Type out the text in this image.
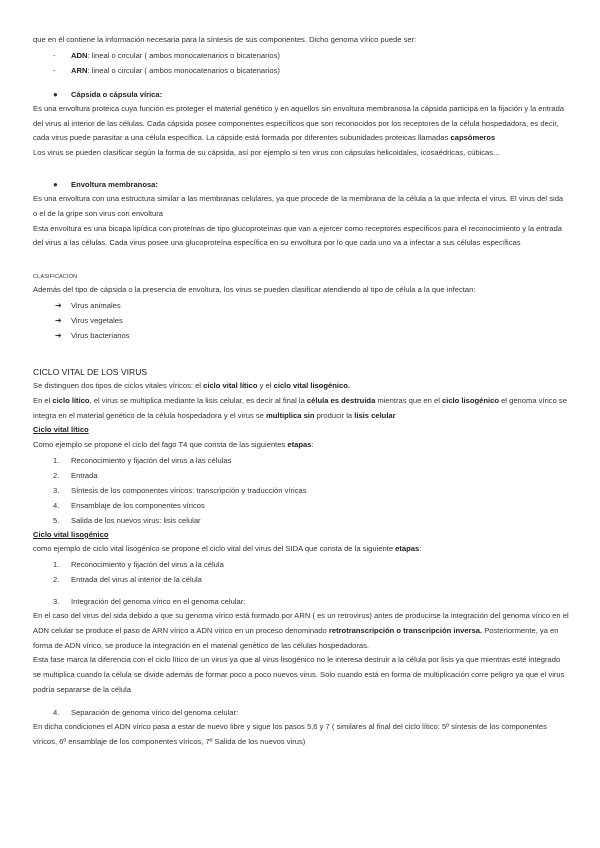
que en él contiene la información necesaria para la síntesis de sus componentes. Dicho genoma vírico puede ser:

- ADN: lineal o circular ( ambos monocatenarios o bicatenarios)
- ARN: lineal o circular ( ambos monocatenarios o bicatenarios)
● Cápsida o cápsula vírica:

Es una envoltura proteica cuya función es proteger el material genético y en aquellos sin envoltura membranosa la cápsida participa en la fijación y la entrada del virus al interior de las células. Cada cápsida posee componentes específicos que son reconocidos por los receptores de la célula hospedadora, es decir, cada virus puede parasitar a una célula específica. La cápside está formada por diferentes subunidades proteicas llamadas capsómeros

Los virus se pueden clasificar según la forma de su cápsida, así por ejemplo si ten virus con cápsulas helicoidales, icosaédricas, cúbicas...

● Envoltura membranosa:

Es una envoltura con una estructura similar a las membranas celulares, ya que procede de la membrana de la célula a la que infecta el virus. El virus del sida o el de la gripe son virus con envoltura

Esta envoltura es una bicapa lipídica con proteínas de tipo glucoproteínas que van a ejercer como receptores específicos para el reconocimiento y la entrada del virus a las células. Cada virus posee una glucoproteína específica en su envoltura por lo que cada uno va a infectar a sus células específicas

CLASIFICACIÓN

Además del tipo de cápsida o la presencia de envoltura, los virus se pueden clasificar atendiendo al tipo de célula a la que infectan:

➔ Virus animales
➔ Virus vegetales
➔ Virus bacterianos

CICLO VITAL DE LOS VIRUS

Se distinguen dos tipos de ciclos vitales víricos: el ciclo vital lítico y el ciclo vital lisogénico.

En el ciclo lítico, el virus se multiplica mediante la lisis celular, es decir al final la célula es destruida mientras que en el ciclo lisogénico el genoma vírico se integra en el material genético de la célula hospedadora y el virus se multiplica sin producir la lisis celular

Ciclo vital lítico

Como ejemplo se propone el ciclo del fago T4 que consta de las siguientes etapas:

1. Reconocimiento y fijación del virus a las células
2. Entrada
3. Síntesis de los componentes víricos: transcripción y traducción víricas
4. Ensamblaje de los componentes víricos
5. Salida de los nuevos virus: lisis celular

Ciclo vital lisogénico

como ejemplo de ciclo vital lisogénico se propone el ciclo vital del virus del SIDA que consta de la siguiente etapas:

1. Reconocimiento y fijación del virus a la célula
2. Entrada del virus al interior de la célula
3. Integración del genoma vírico en el genoma celular:

En el caso del virus del sida debido a que su genoma vírico está formado por ARN ( es un retrovirus) antes de producirse la integración del genoma vírico en el ADN celular se produce el paso de ARN vírico a ADN vírico en un proceso denominado retrotranscripción o transcripción inversa. Posteriormente, ya en forma de ADN vírico, se produce la integración en el material genético de las células hospedadoras.

Esta fase marca la diferencia con el ciclo lítico de un virus ya que al virus lisogénico no le interesa destruir a la célula por lisis ya que mientras esté integrado se multiplica cuando la célula se divide además de formar poco a poco nuevos virus. Solo cuando está en forma de multiplicación corre peligro ya que el virus podría separarse de la célula

4. Separación de genoma vírico del genoma celular:

En dicha condiciones el ADN vírico pasa a estar de nuevo libre y sigue los pasos 5,6 y 7 ( similares al final del ciclo lítico: 5º síntesis de los componentes víricos, 6º ensamblaje de los componentes víricos, 7º Salida de los nuevos virus)
